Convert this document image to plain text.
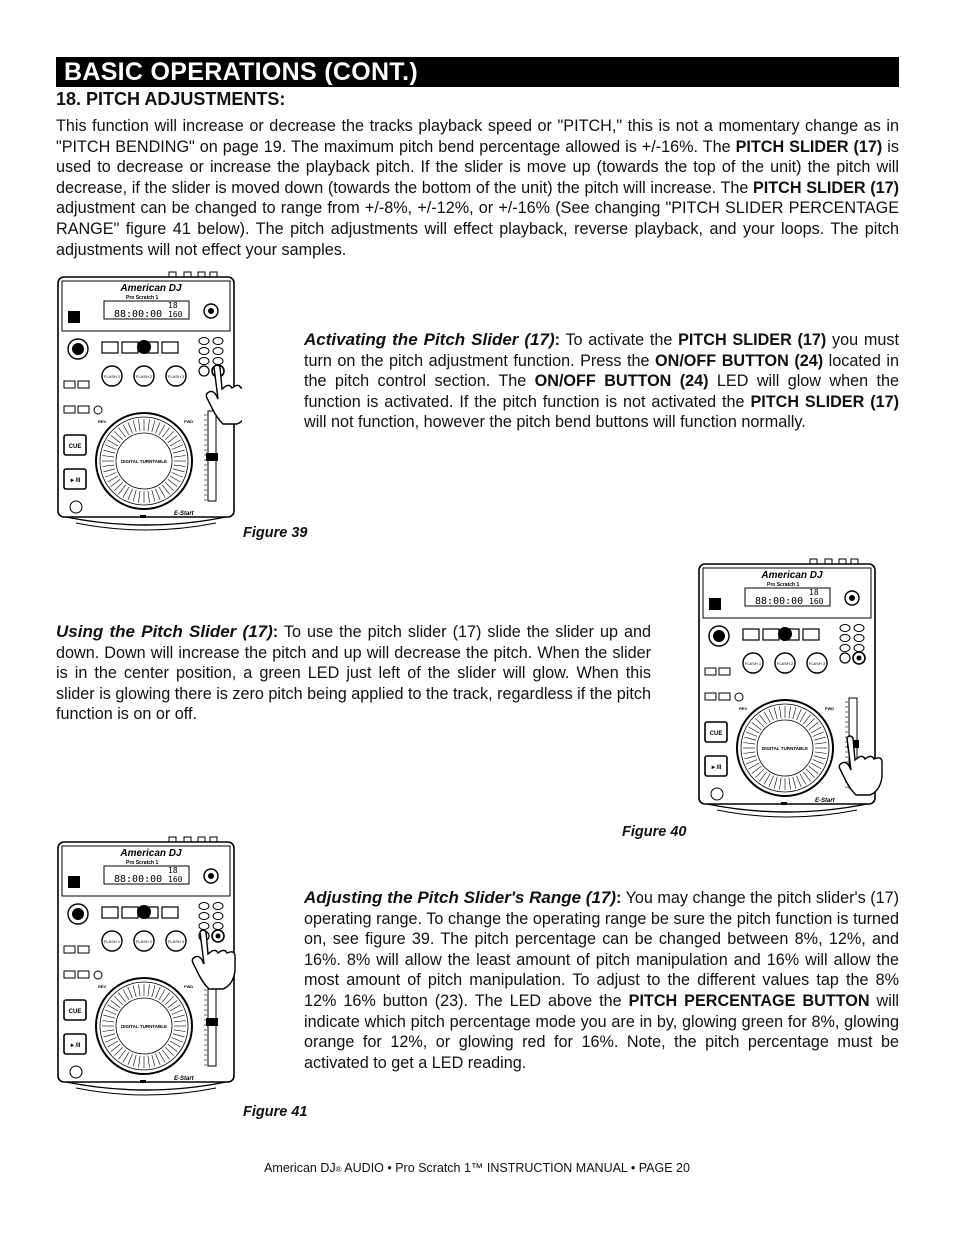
BASIC OPERATIONS (CONT.)
18. PITCH ADJUSTMENTS:
This function will increase or decrease the tracks playback speed or "PITCH," this is not a momentary change as in "PITCH BENDING" on page 19. The maximum pitch bend percentage allowed is +/-16%. The PITCH SLIDER (17) is used to decrease or increase the playback pitch. If the slider is move up (towards the top of the unit) the pitch will decrease, if the slider is moved down (towards the bottom of the unit) the pitch will increase. The PITCH SLIDER (17) adjustment can be changed to range from +/-8%, +/-12%, or +/-16% (See changing "PITCH SLIDER PERCENTAGE RANGE" figure 41 below). The pitch adjustments will effect playback, reverse playback, and your loops. The pitch adjustments will not effect your samples.
Activating the Pitch Slider (17): To activate the PITCH SLIDER (17) you must turn on the pitch adjustment function. Press the ON/OFF BUTTON (24) located in the pitch control section. The ON/OFF BUTTON (24) LED will glow when the function is activated. If the pitch function is not activated the PITCH SLIDER (17) will not function, however the pitch bend buttons will function normally.
Using the Pitch Slider (17): To use the pitch slider (17) slide the slider up and down. Down will increase the pitch and up will decrease the pitch. When the slider is in the center position, a green LED just left of the slider will glow. When this slider is glowing there is zero pitch being applied to the track, regardless if the pitch function is on or off.
Adjusting the Pitch Slider's Range (17): You may change the pitch slider's (17) operating range. To change the operating range be sure the pitch function is turned on, see figure 39. The pitch percentage can be changed between 8%, 12%, and 16%. 8% will allow the least amount of pitch manipulation and 16% will allow the most amount of pitch manipulation. To adjust to the different values tap the 8% 12% 16% button (23). The LED above the PITCH PERCENTAGE BUTTON will indicate which pitch percentage mode you are in by, glowing green for 8%, glowing orange for 12%, or glowing red for 16%. Note, the pitch percentage must be activated to get a LED reading.
American DJ
Pro Scratch 1
88:00:00
18
160
FLASH 1	FLASH 2	FLASH 3
DIGITAL TURNTABLE
REV	FWD
CUE
►/II
E-Start
Figure 39
American DJ
Pro Scratch 1
88:00:00
18
160
FLASH 1	FLASH 2	FLASH 3
DIGITAL TURNTABLE
REV	FWD
CUE
►/II
E-Start
Figure 40
American DJ
Pro Scratch 1
88:00:00
18
160
FLASH 1	FLASH 2	FLASH 3
DIGITAL TURNTABLE
REV	FWD
CUE
►/II
E-Start
Figure 41
American DJ® AUDIO • Pro Scratch 1™ INSTRUCTION MANUAL • PAGE 20
